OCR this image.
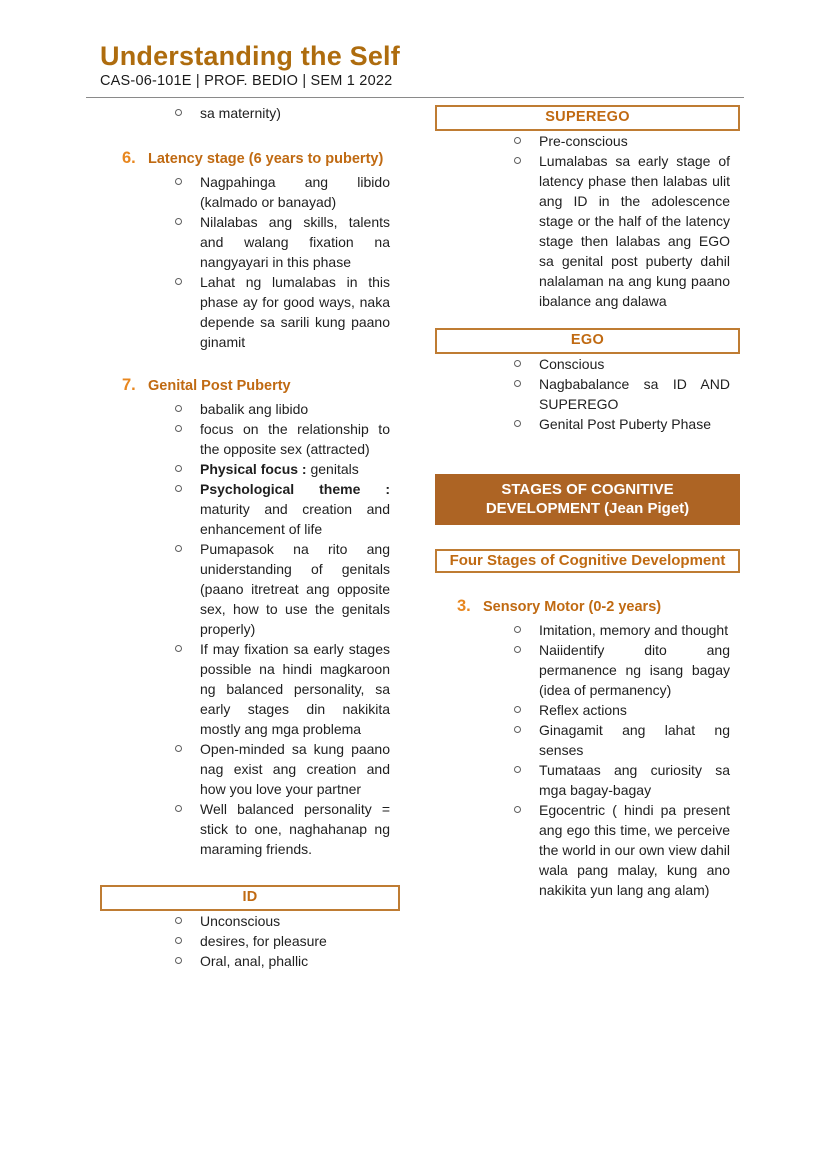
Understanding the Self
CAS-06-101E | PROF. BEDIO | SEM 1 2022
sa maternity)
6. Latency stage (6 years to puberty)
Nagpahinga ang libido (kalmado or banayad)
Nilalabas ang skills, talents and walang fixation na nangyayari in this phase
Lahat ng lumalabas in this phase ay for good ways, naka depende sa sarili kung paano ginamit
7. Genital Post Puberty
babalik ang libido
focus on the relationship to the opposite sex (attracted)
Physical focus : genitals
Psychological theme : maturity and creation and enhancement of life
Pumapasok na rito ang uniderstanding of genitals (paano itretreat ang opposite sex, how to use the genitals properly)
If may fixation sa early stages possible na hindi magkaroon ng balanced personality, sa early stages din nakikita mostly ang mga problema
Open-minded sa kung paano nag exist ang creation and how you love your partner
Well balanced personality = stick to one, naghahanap ng maraming friends.
ID
Unconscious
desires, for pleasure
Oral, anal, phallic
SUPEREGO
Pre-conscious
Lumalabas sa early stage of latency phase then lalabas ulit ang ID in the adolescence stage or the half of the latency stage then lalabas ang EGO sa genital post puberty dahil nalalaman na ang kung paano ibalance ang dalawa
EGO
Conscious
Nagbabalance sa ID AND SUPEREGO
Genital Post Puberty Phase
STAGES OF COGNITIVE DEVELOPMENT (Jean Piget)
Four Stages of Cognitive Development
3. Sensory Motor (0-2 years)
Imitation, memory and thought
Naiidentify dito ang permanence ng isang bagay (idea of permanency)
Reflex actions
Ginagamit ang lahat ng senses
Tumataas ang curiosity sa mga bagay-bagay
Egocentric ( hindi pa present ang ego this time, we perceive the world in our own view dahil wala pang malay, kung ano nakikita yun lang ang alam)
